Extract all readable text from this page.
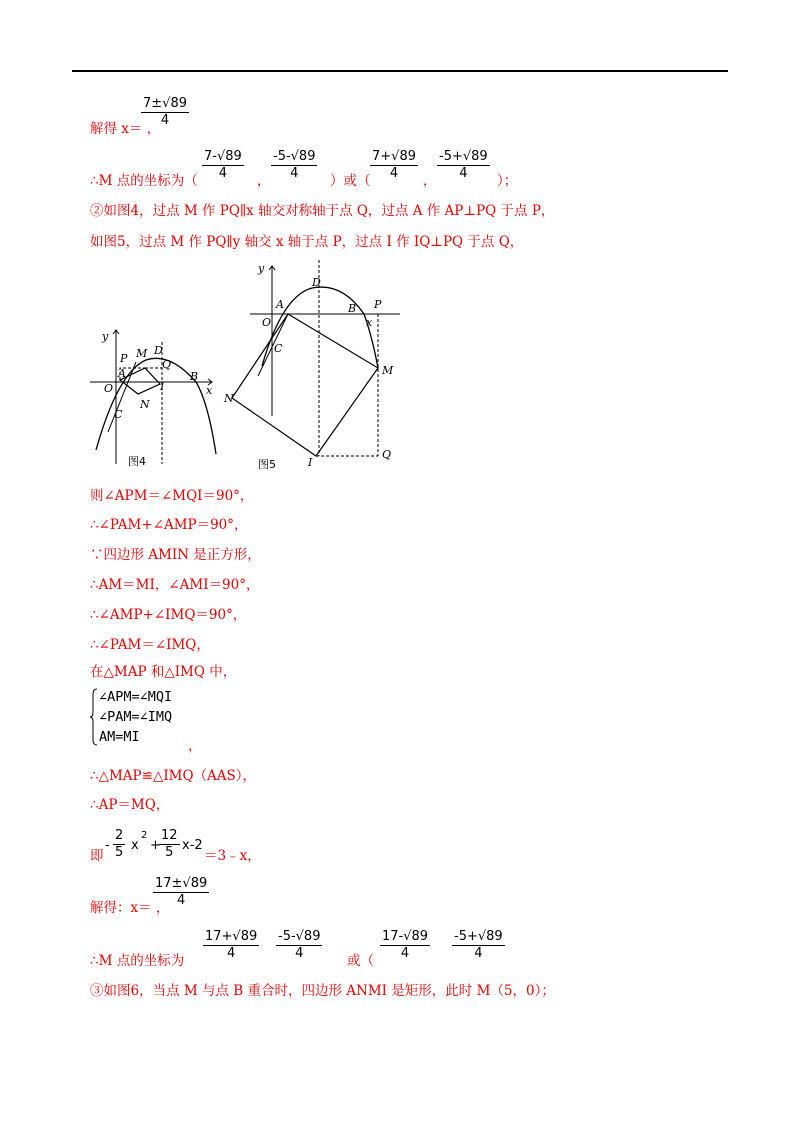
解得 x＝ ，
$\frac{7\pm√89}{4}$
∴M 点的坐标为（ $\frac{7-√89}{4}$ ， $\frac{-5-√89}{4}$ ）或（ $\frac{7+√89}{4}$ ， $\frac{-5+√89}{4}$ ）；
②如图4，过点 M 作 PQ∥x 轴交对称轴于点 Q，过点 A 作 AP⊥PQ 于点 P，
如图5，过点 M 作 PQ∥y 轴交 x 轴于点 P，过点 I 作 IQ⊥PQ 于点 Q，
y
x
O
A
P M D
Q
B
C
N
I
图4
y
x
O
A
D
B P
C
M
N
I
Q
图5
则∠APM＝∠MQI＝90°，
∴∠PAM+∠AMP＝90°，
∵四边形 AMIN 是正方形，
∴AM＝MI，∠AMI＝90°，
∴∠AMP+∠IMQ＝90°，
∴∠PAM＝∠IMQ，
在△MAP 和△IMQ 中，
∠APM=∠MQI
∠PAM=∠IMQ
AM=MI
，
∴△MAP≌△IMQ（AAS），
∴AP＝MQ，
即
- $\frac{2}{5}$ x
2
+
$\frac{12}{5} x-2$
＝3﹣x，
解得：x＝ ，
$\frac{17\pm√89}{4}$
∴M 点的坐标为 $\frac{17+√89}{4} \frac{-5-√89}{4}$ 或（ $\frac{17-√89}{4} \frac{-5+√89}{4}$
③如图6，当点 M 与点 B 重合时，四边形 ANMI 是矩形，此时 M（5，0）；
